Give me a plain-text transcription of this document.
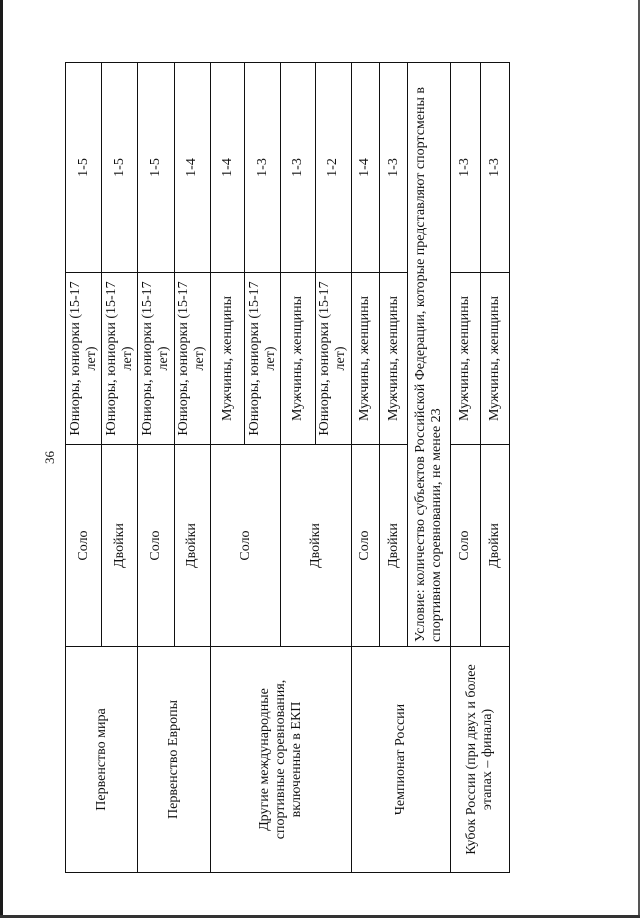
36
Первенство мира	Соло	Юниоры, юниорки (15-17 лет)	1-5
	Двойки	Юниоры, юниорки (15-17 лет)	1-5
Первенство Европы	Соло	Юниоры, юниорки (15-17 лет)	1-5
	Двойки	Юниоры, юниорки (15-17 лет)	1-4
Другие международные спортивные соревнования, включенные в ЕКП	Соло	Мужчины, женщины	1-4
		Юниоры, юниорки (15-17 лет)	1-3
	Двойки	Мужчины, женщины	1-3
		Юниоры, юниорки (15-17 лет)	1-2
Чемпионат России	Соло	Мужчины, женщины	1-4
	Двойки	Мужчины, женщины	1-3
	Условие: количество субъектов Российской Федерации, которые представляют спортсмены в спортивном соревновании, не менее 23		
Кубок России (при двух и более этапах – финала)	Соло	Мужчины, женщины	1-3
	Двойки	Мужчины, женщины	1-3
